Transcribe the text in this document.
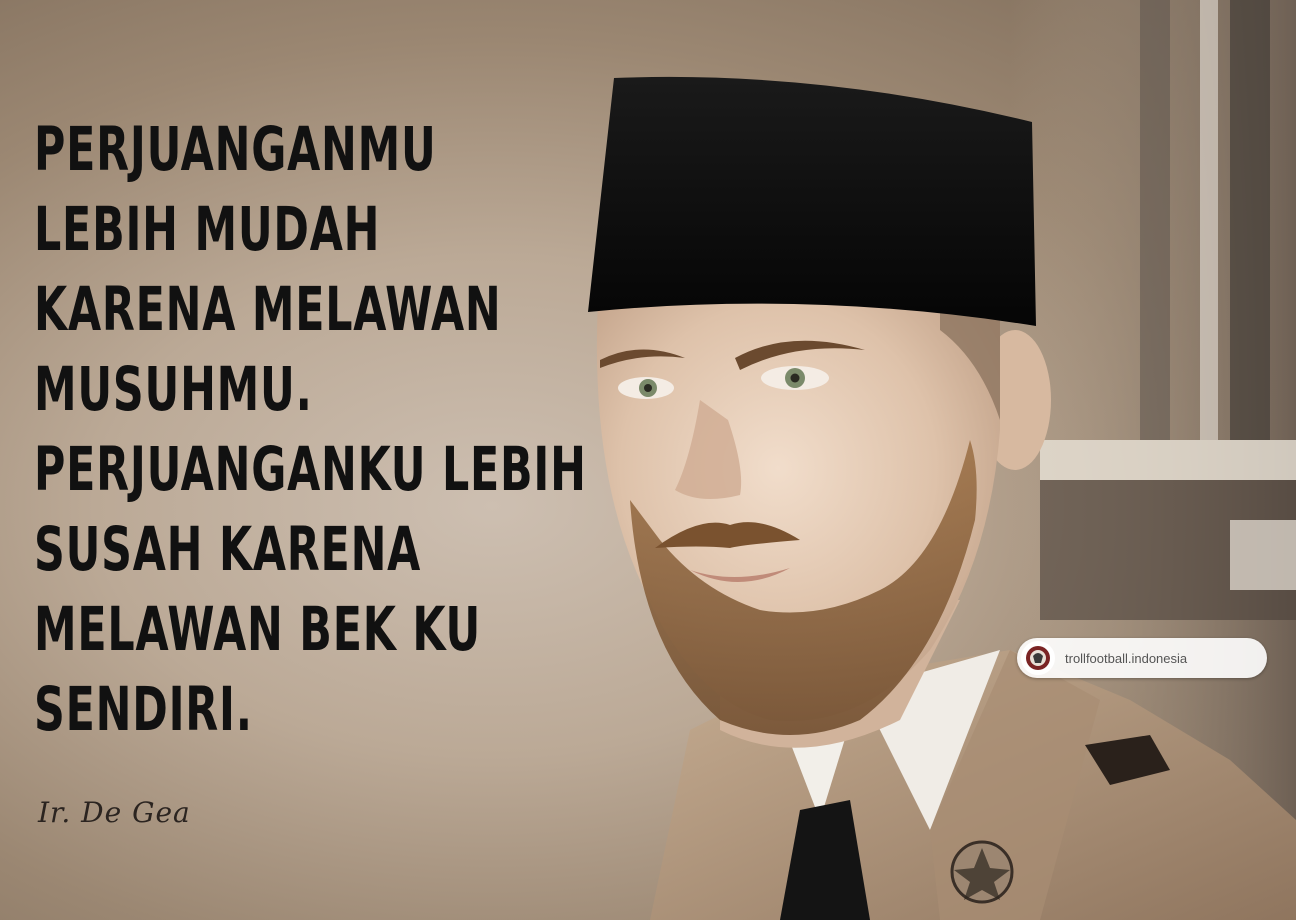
PERJUANGANMU
LEBIH MUDAH
KARENA MELAWAN
MUSUHMU.
PERJUANGANKU LEBIH
SUSAH KARENA
MELAWAN BEK KU
SENDIRI.
Ir. De Gea
trollfootball.indonesia
